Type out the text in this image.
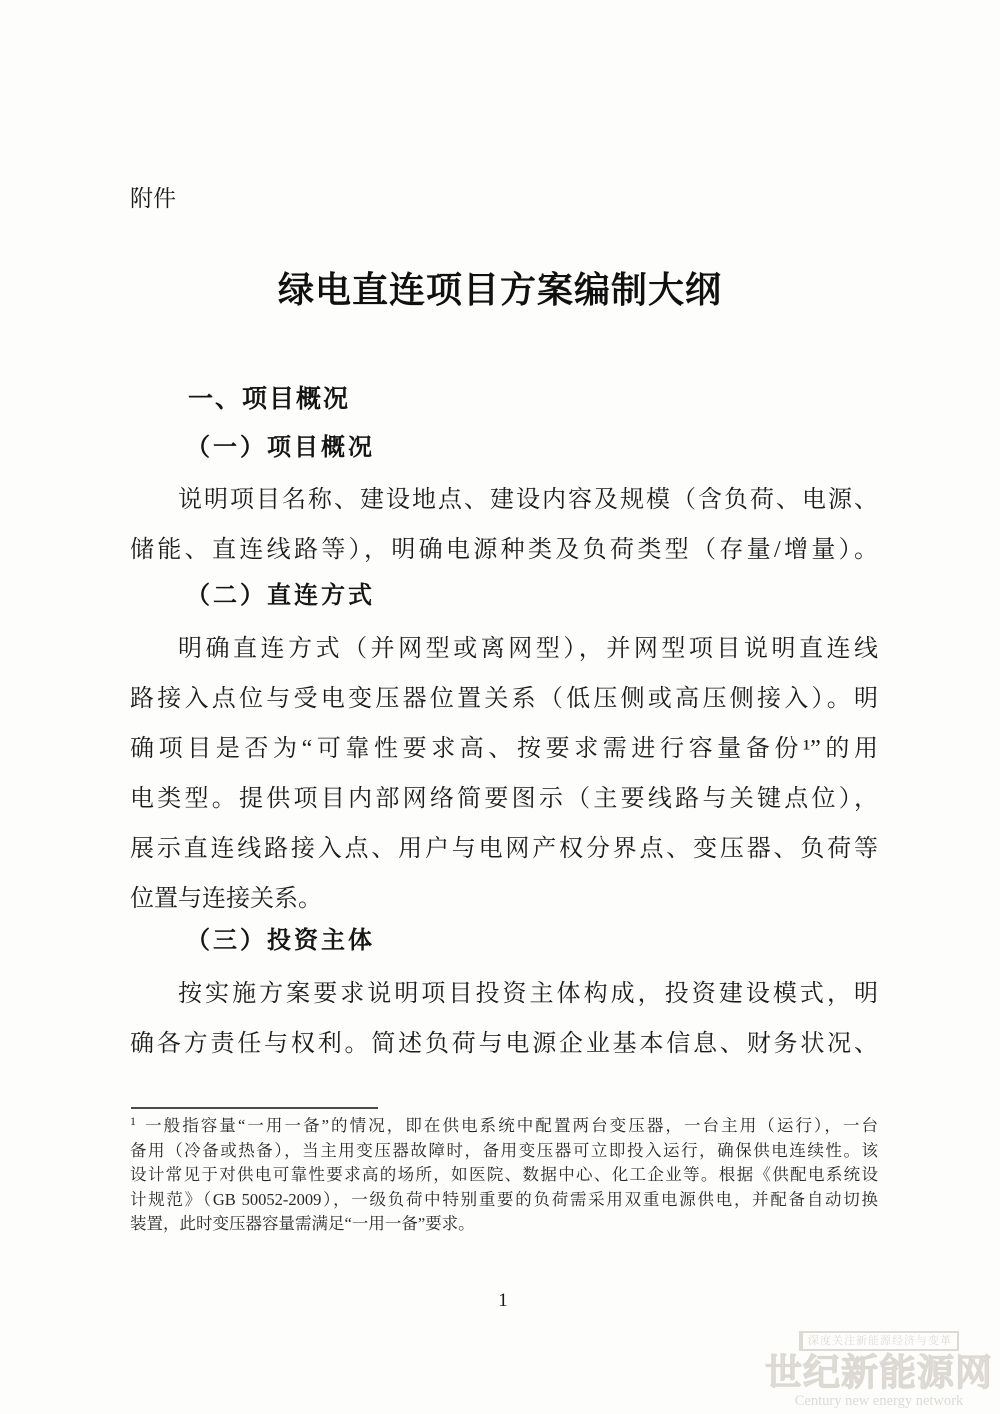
附件
绿电直连项目方案编制大纲
一、项目概况
（一）项目概况
说明项目名称、建设地点、建设内容及规模（含负荷、电源、
储能、直连线路等），明确电源种类及负荷类型（存量/增量）。
（二）直连方式
明确直连方式（并网型或离网型），并网型项目说明直连线
路接入点位与受电变压器位置关系（低压侧或高压侧接入）。明
确项目是否为“可靠性要求高、按要求需进行容量备份¹”的用
电类型。提供项目内部网络简要图示（主要线路与关键点位），
展示直连线路接入点、用户与电网产权分界点、变压器、负荷等
位置与连接关系。
（三）投资主体
按实施方案要求说明项目投资主体构成，投资建设模式，明
确各方责任与权利。简述负荷与电源企业基本信息、财务状况、
$^1$ 一般指容量“一用一备”的情况，即在供电系统中配置两台变压器，一台主用（运行），一台
备用（冷备或热备），当主用变压器故障时，备用变压器可立即投入运行，确保供电连续性。该
设计常见于对供电可靠性要求高的场所，如医院、数据中心、化工企业等。根据《供配电系统设
计规范》（GB 50052-2009），一级负荷中特别重要的负荷需采用双重电源供电，并配备自动切换
装置，此时变压器容量需满足“一用一备”要求。
1
深度关注新能源经济与变革
世纪新能源网
Century new energy network
